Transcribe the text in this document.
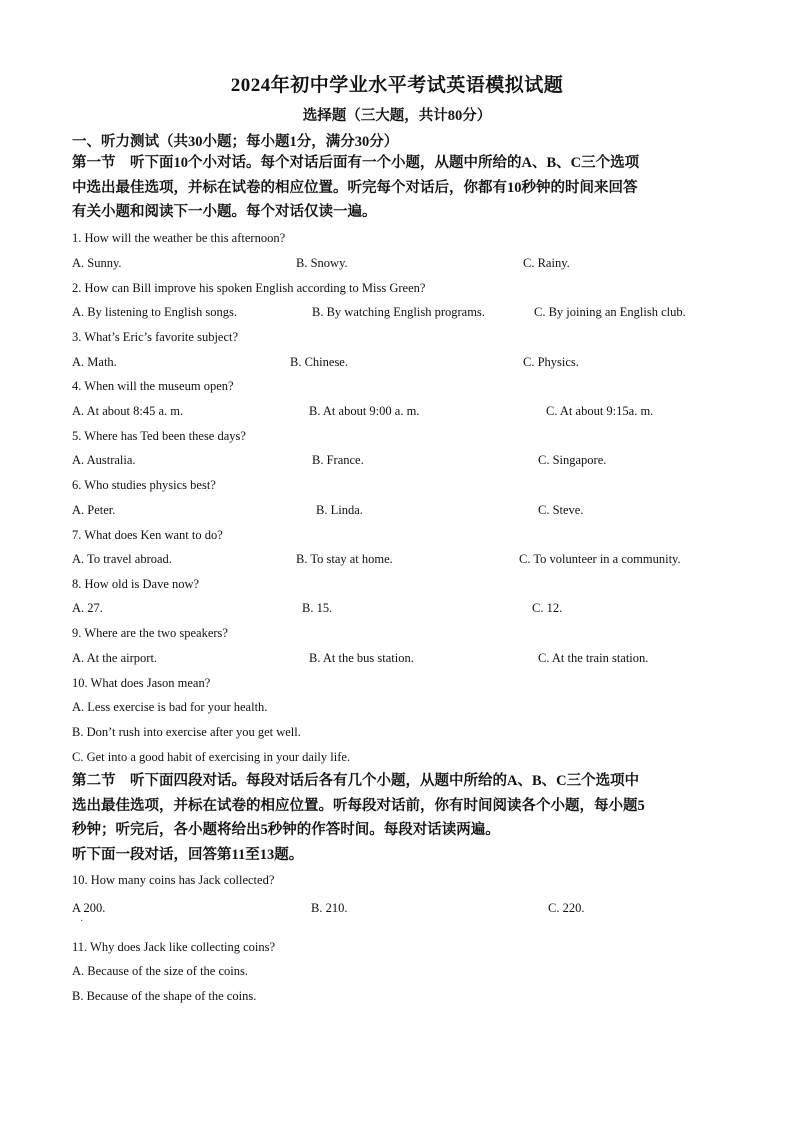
2024年初中学业水平考试英语模拟试题
选择题（三大题，共计80分）
一、听力测试（共30小题；每小题1分，满分30分）
第一节　听下面10个小对话。每个对话后面有一个小题，从题中所给的A、B、C三个选项
中选出最佳选项，并标在试卷的相应位置。听完每个对话后，你都有10秒钟的时间来回答
有关小题和阅读下一小题。每个对话仅读一遍。
1. How will the weather be this afternoon?
A. Sunny.	B. Snowy.	C. Rainy.
2. How can Bill improve his spoken English according to Miss Green?
A. By listening to English songs.	B. By watching English programs.	C. By joining an English club.
3. What’s Eric’s favorite subject?
A. Math.	B. Chinese.	C. Physics.
4. When will the museum open?
A. At about 8:45 a. m.	B. At about 9:00 a. m.	C. At about 9:15a. m.
5. Where has Ted been these days?
A. Australia.	B. France.	C. Singapore.
6. Who studies physics best?
A. Peter.	B. Linda.	C. Steve.
7. What does Ken want to do?
A. To travel abroad.	B. To stay at home.	C. To volunteer in a community.
8. How old is Dave now?
A. 27.	B. 15.	C. 12.
9. Where are the two speakers?
A. At the airport.	B. At the bus station.	C. At the train station.
10. What does Jason mean?
A. Less exercise is bad for your health.
B. Don’t rush into exercise after you get well.
C. Get into a good habit of exercising in your daily life.
第二节　听下面四段对话。每段对话后各有几个小题，从题中所给的A、B、C三个选项中
选出最佳选项，并标在试卷的相应位置。听每段对话前，你有时间阅读各个小题，每小题5
秒钟；听完后，各小题将给出5秒钟的作答时间。每段对话读两遍。
听下面一段对话，回答第11至13题。
10. How many coins has Jack collected?
A 200.	B. 210.	C. 220.
·
11. Why does Jack like collecting coins?
A. Because of the size of the coins.
B. Because of the shape of the coins.
